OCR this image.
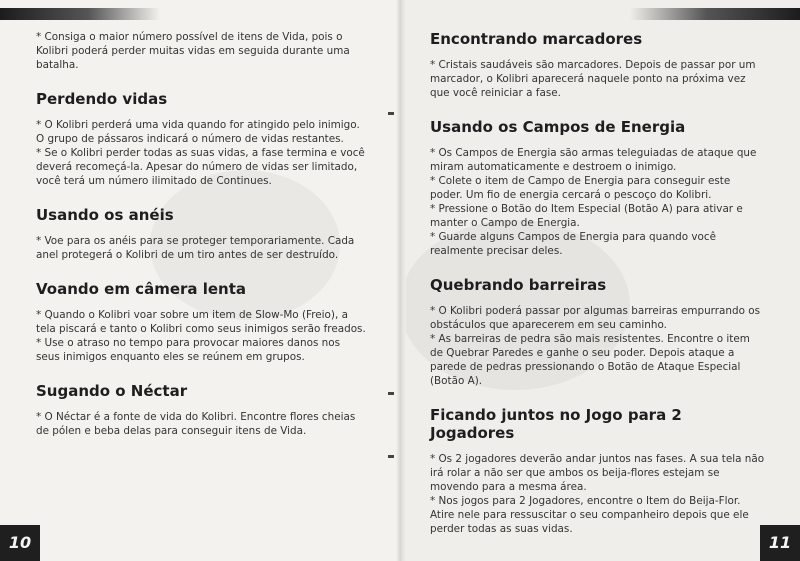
* Consiga o maior número possível de itens de Vida, pois o Kolibri poderá perder muitas vidas em seguida durante uma batalha.

Perdendo vidas

* O Kolibri perderá uma vida quando for atingido pelo inimigo. O grupo de pássaros indicará o número de vidas restantes.

* Se o Kolibri perder todas as suas vidas, a fase termina e você deverá recomeçá-la. Apesar do número de vidas ser limitado, você terá um número ilimitado de Continues.

Usando os anéis

* Voe para os anéis para se proteger temporariamente. Cada anel protegerá o Kolibri de um tiro antes de ser destruído.

Voando em câmera lenta

* Quando o Kolibri voar sobre um item de Slow-Mo (Freio), a tela piscará e tanto o Kolibri como seus inimigos serão freados.

* Use o atraso no tempo para provocar maiores danos nos seus inimigos enquanto eles se reúnem em grupos.

Sugando o Néctar

* O Néctar é a fonte de vida do Kolibri. Encontre flores cheias de pólen e beba delas para conseguir itens de Vida.

10
Encontrando marcadores

* Cristais saudáveis são marcadores. Depois de passar por um marcador, o Kolibri aparecerá naquele ponto na próxima vez que você reiniciar a fase.

Usando os Campos de Energia

* Os Campos de Energia são armas teleguiadas de ataque que miram automaticamente e destroem o inimigo.

* Colete o item de Campo de Energia para conseguir este poder. Um fio de energia cercará o pescoço do Kolibri.

* Pressione o Botão do Item Especial (Botão A) para ativar e manter o Campo de Energia.

* Guarde alguns Campos de Energia para quando você realmente precisar deles.

Quebrando barreiras

* O Kolibri poderá passar por algumas barreiras empurrando os obstáculos que aparecerem em seu caminho.

* As barreiras de pedra são mais resistentes. Encontre o item de Quebrar Paredes e ganhe o seu poder. Depois ataque a parede de pedras pressionando o Botão de Ataque Especial (Botão A).

Ficando juntos no Jogo para 2 Jogadores

* Os 2 jogadores deverão andar juntos nas fases. A sua tela não irá rolar a não ser que ambos os beija-flores estejam se movendo para a mesma área.

* Nos jogos para 2 Jogadores, encontre o Item do Beija-Flor. Atire nele para ressuscitar o seu companheiro depois que ele perder todas as suas vidas.

11
